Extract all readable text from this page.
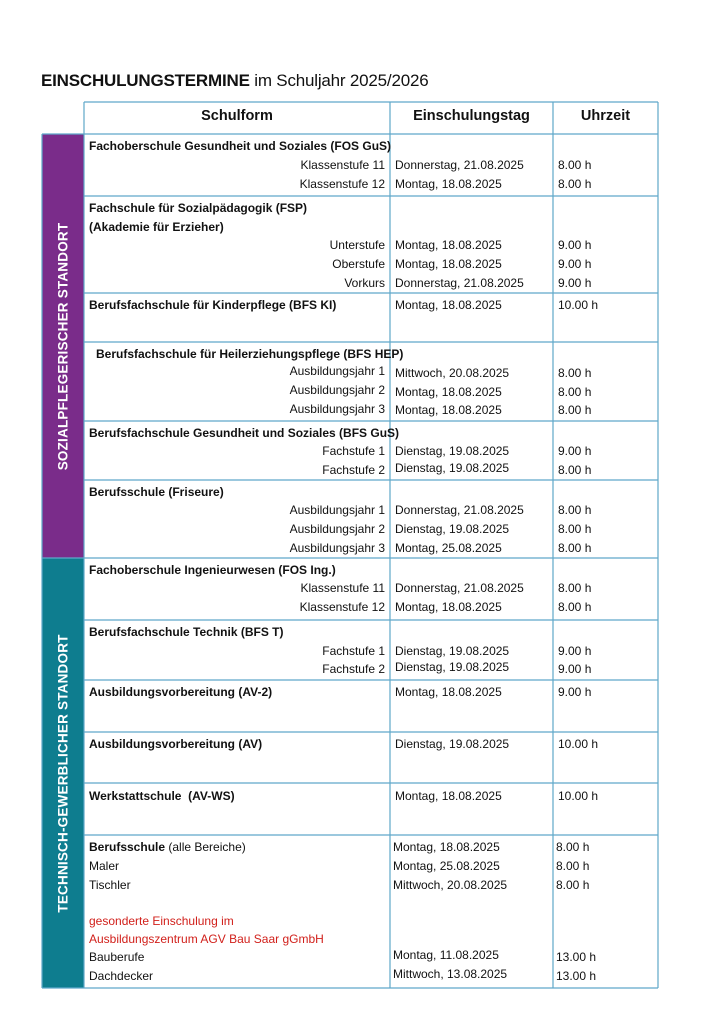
EINSCHULUNGSTERMINE im Schuljahr 2025/2026
SOZIALPFLEGERISCHER STANDORT
TECHNISCH-GEWERBLICHER STANDORT
Schulform	Einschulungstag	Uhrzeit
Fachoberschule Gesundheit und Soziales (FOS GuS)
Klassenstufe 11 Donnerstag, 21.08.2025	8.00 h
Klassenstufe 12 Montag, 18.08.2025	8.00 h
Fachschule für Sozialpädagogik (FSP)
(Akademie für Erzieher)
Unterstufe Montag, 18.08.2025	9.00 h
Oberstufe Montag, 18.08.2025	9.00 h
Vorkurs Donnerstag, 21.08.2025	9.00 h
Berufsfachschule für Kinderpflege (BFS KI)	Montag, 18.08.2025	10.00 h
Berufsfachschule für Heilerziehungspflege (BFS HEP)
Ausbildungsjahr 1 Mittwoch, 20.08.2025	8.00 h
Ausbildungsjahr 2 Montag, 18.08.2025	8.00 h
Ausbildungsjahr 3 Montag, 18.08.2025	8.00 h
Berufsfachschule Gesundheit und Soziales (BFS GuS)
Fachstufe 1 Dienstag, 19.08.2025	9.00 h
Fachstufe 2 Dienstag, 19.08.2025	8.00 h
Berufsschule (Friseure)
Ausbildungsjahr 1 Donnerstag, 21.08.2025	8.00 h
Ausbildungsjahr 2 Dienstag, 19.08.2025	8.00 h
Ausbildungsjahr 3 Montag, 25.08.2025	8.00 h
Fachoberschule Ingenieurwesen (FOS Ing.)
Klassenstufe 11 Donnerstag, 21.08.2025	8.00 h
Klassenstufe 12 Montag, 18.08.2025	8.00 h
Berufsfachschule Technik (BFS T)
Fachstufe 1 Dienstag, 19.08.2025	9.00 h
Fachstufe 2 Dienstag, 19.08.2025	9.00 h
Ausbildungsvorbereitung (AV-2)	Montag, 18.08.2025	9.00 h
Ausbildungsvorbereitung (AV)	Dienstag, 19.08.2025	10.00 h
Werkstattschule  (AV-WS)	Montag, 18.08.2025	10.00 h
Berufsschule (alle Bereiche)	Montag, 18.08.2025	8.00 h
Maler	Montag, 25.08.2025	8.00 h
Tischler	Mittwoch, 20.08.2025	8.00 h
gesonderte Einschulung im
Ausbildungszentrum AGV Bau Saar gGmbH
Bauberufe	Montag, 11.08.2025	13.00 h
Dachdecker	Mittwoch, 13.08.2025	13.00 h
